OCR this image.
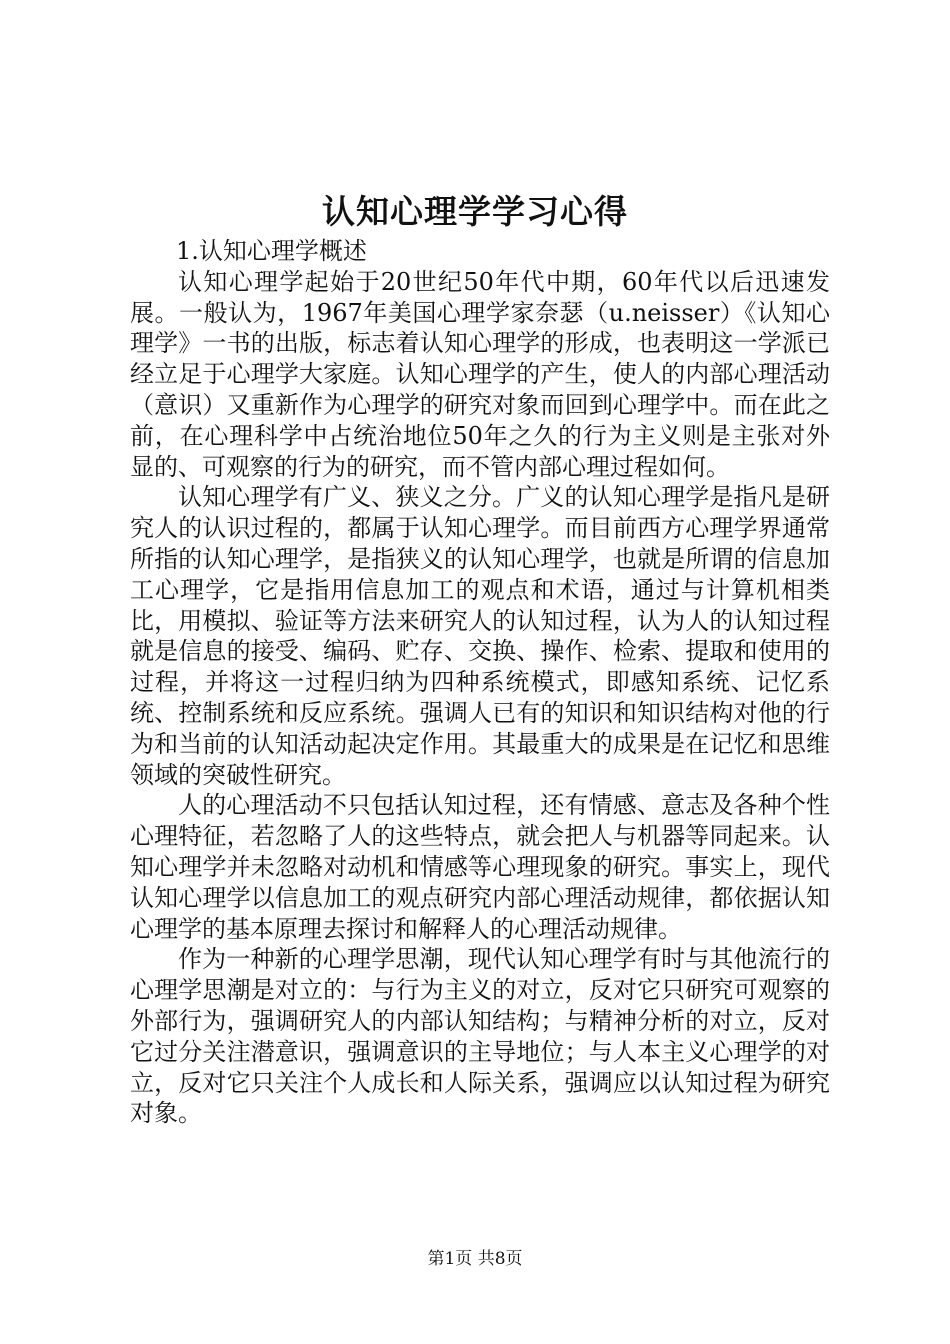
认知心理学学习心得

1.认知心理学概述

认知心理学起始于20世纪50年代中期，60年代以后迅速发展。一般认为，1967年美国心理学家奈瑟（u.neisser）《认知心理学》一书的出版，标志着认知心理学的形成，也表明这一学派已经立足于心理学大家庭。认知心理学的产生，使人的内部心理活动（意识）又重新作为心理学的研究对象而回到心理学中。而在此之前，在心理科学中占统治地位50年之久的行为主义则是主张对外显的、可观察的行为的研究，而不管内部心理过程如何。

认知心理学有广义、狭义之分。广义的认知心理学是指凡是研究人的认识过程的，都属于认知心理学。而目前西方心理学界通常所指的认知心理学，是指狭义的认知心理学，也就是所谓的信息加工心理学，它是指用信息加工的观点和术语，通过与计算机相类比，用模拟、验证等方法来研究人的认知过程，认为人的认知过程就是信息的接受、编码、贮存、交换、操作、检索、提取和使用的过程，并将这一过程归纳为四种系统模式，即感知系统、记忆系统、控制系统和反应系统。强调人已有的知识和知识结构对他的行为和当前的认知活动起决定作用。其最重大的成果是在记忆和思维领域的突破性研究。

人的心理活动不只包括认知过程，还有情感、意志及各种个性心理特征，若忽略了人的这些特点，就会把人与机器等同起来。认知心理学并未忽略对动机和情感等心理现象的研究。事实上，现代认知心理学以信息加工的观点研究内部心理活动规律，都依据认知心理学的基本原理去探讨和解释人的心理活动规律。

作为一种新的心理学思潮，现代认知心理学有时与其他流行的心理学思潮是对立的：与行为主义的对立，反对它只研究可观察的外部行为，强调研究人的内部认知结构；与精神分析的对立，反对它过分关注潜意识，强调意识的主导地位；与人本主义心理学的对立，反对它只关注个人成长和人际关系，强调应以认知过程为研究对象。

第1页 共8页
